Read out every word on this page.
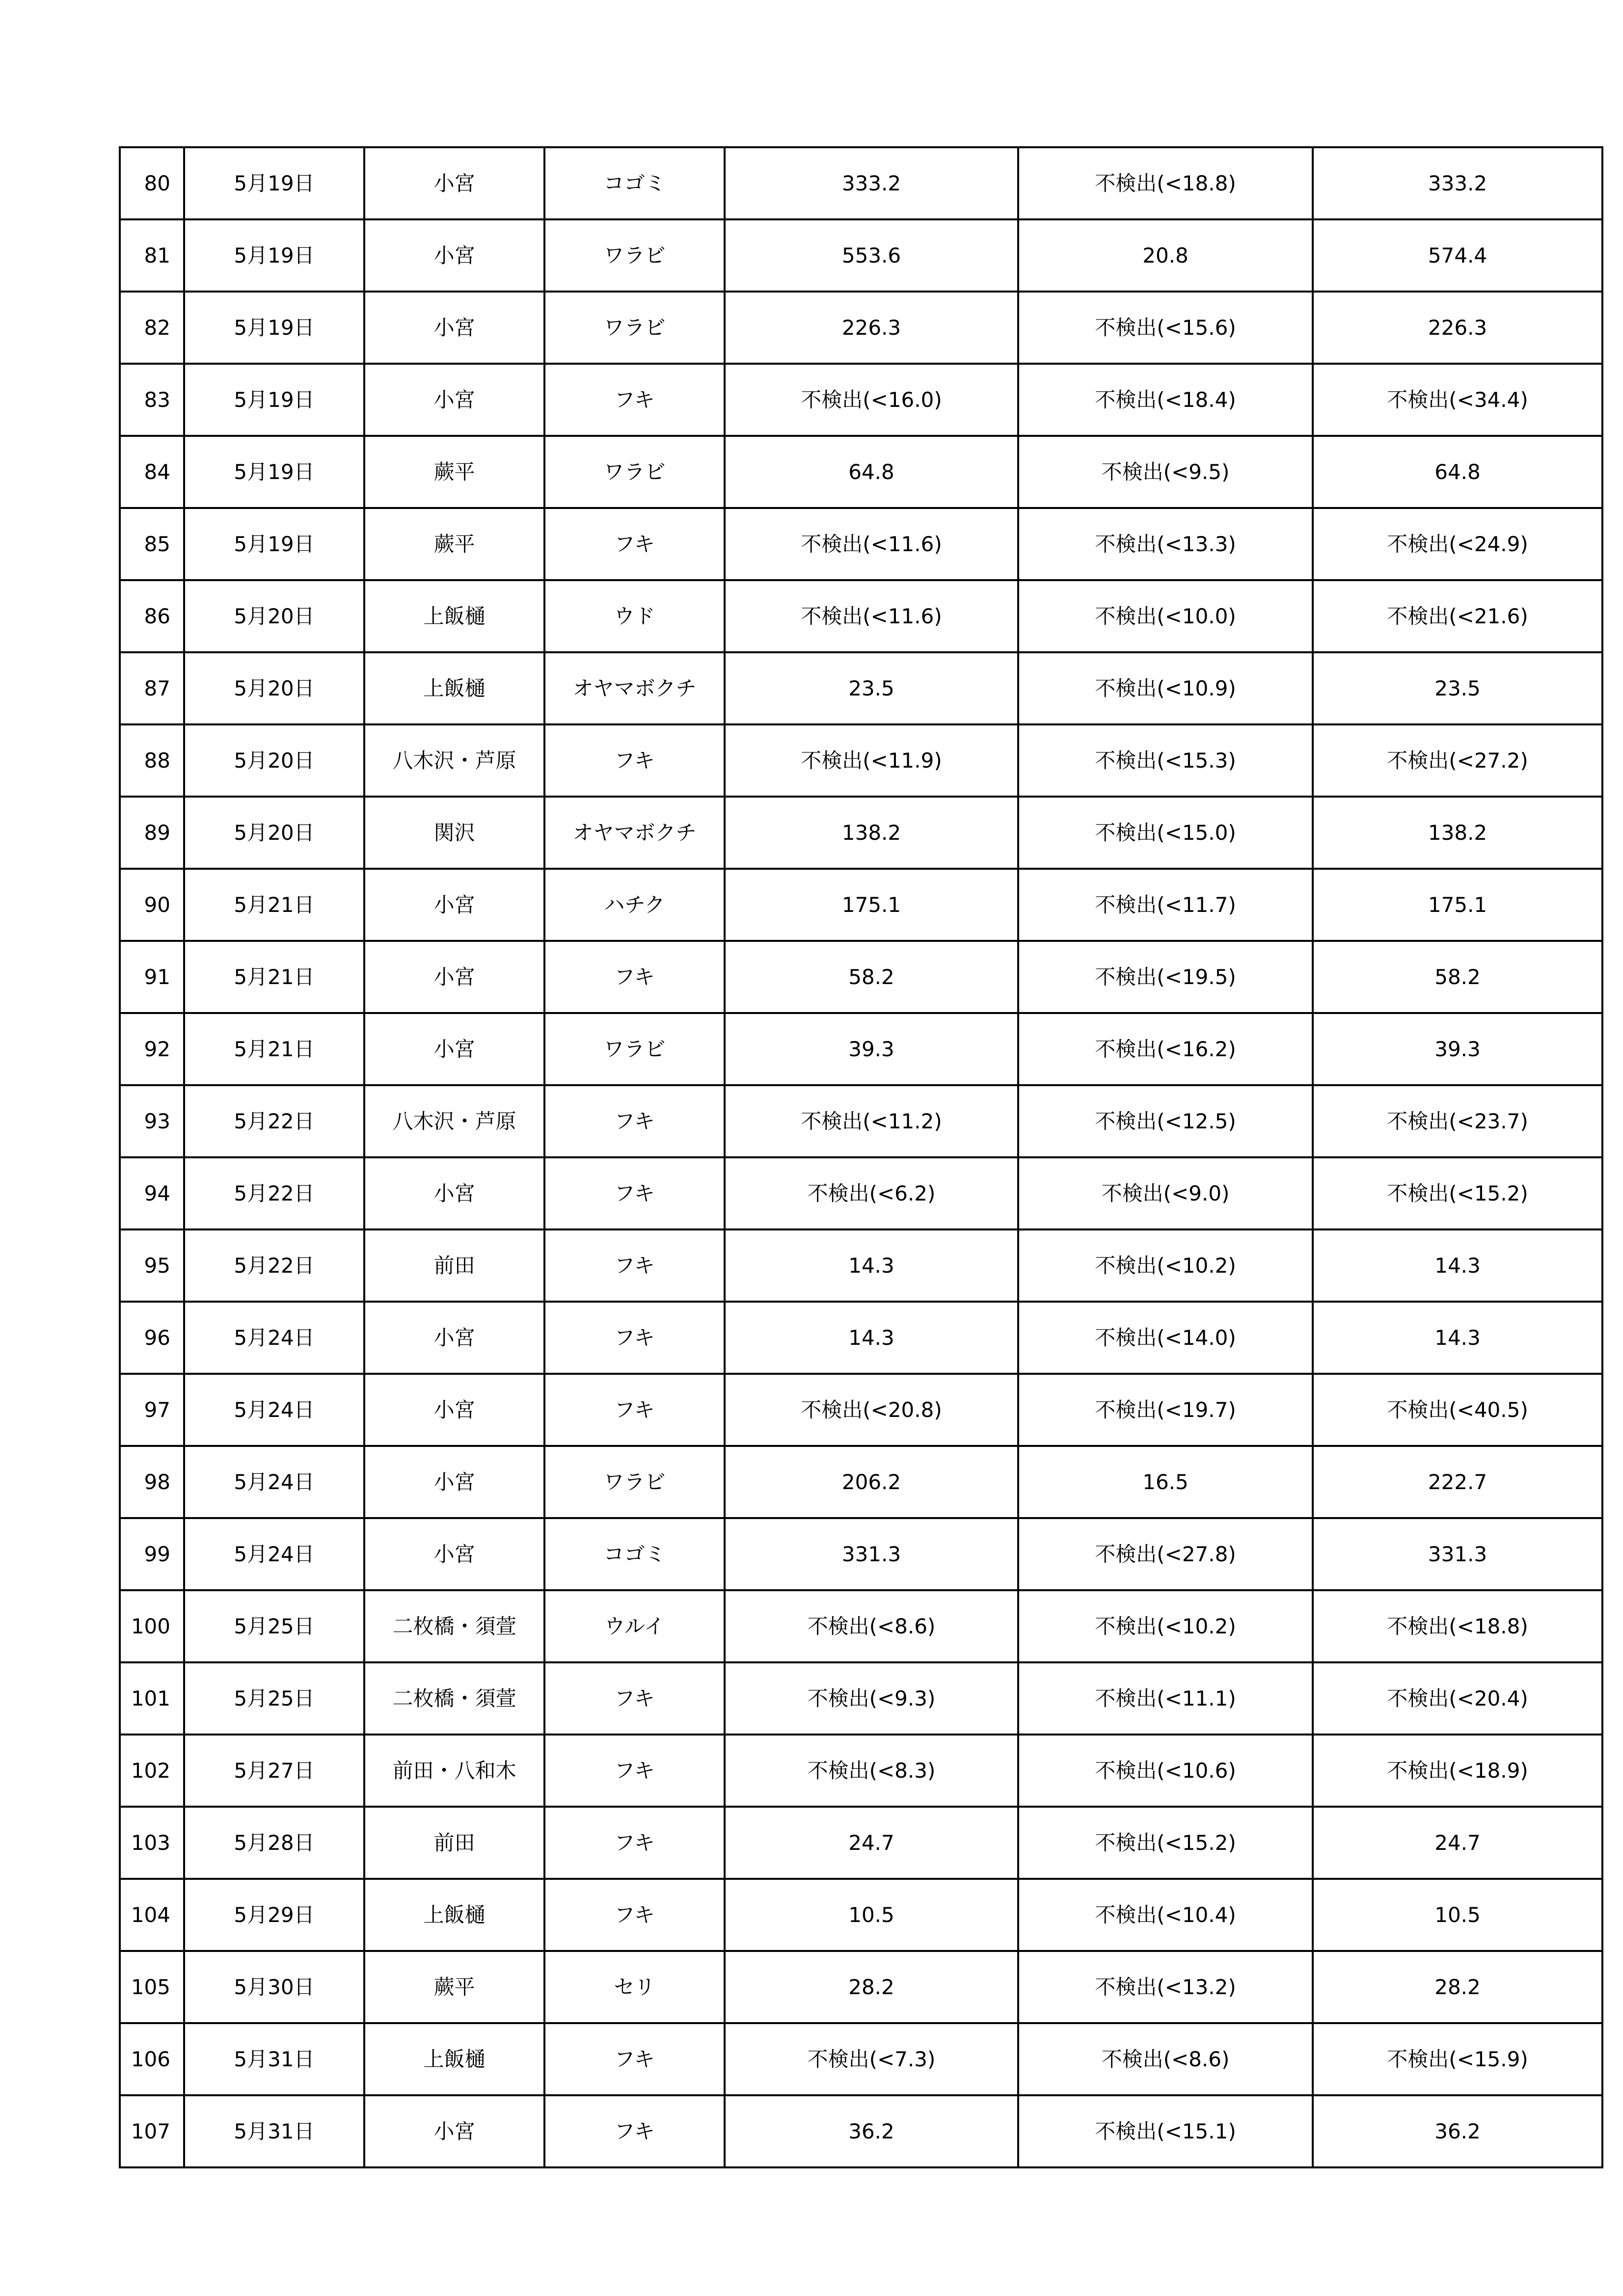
80	5月19日	小宮	コゴミ	333.2	不検出(<18.8)	333.2
81	5月19日	小宮	ワラビ	553.6	20.8	574.4
82	5月19日	小宮	ワラビ	226.3	不検出(<15.6)	226.3
83	5月19日	小宮	フキ	不検出(<16.0)	不検出(<18.4)	不検出(<34.4)
84	5月19日	蕨平	ワラビ	64.8	不検出(<9.5)	64.8
85	5月19日	蕨平	フキ	不検出(<11.6)	不検出(<13.3)	不検出(<24.9)
86	5月20日	上飯樋	ウド	不検出(<11.6)	不検出(<10.0)	不検出(<21.6)
87	5月20日	上飯樋	オヤマボクチ	23.5	不検出(<10.9)	23.5
88	5月20日	八木沢・芦原	フキ	不検出(<11.9)	不検出(<15.3)	不検出(<27.2)
89	5月20日	関沢	オヤマボクチ	138.2	不検出(<15.0)	138.2
90	5月21日	小宮	ハチク	175.1	不検出(<11.7)	175.1
91	5月21日	小宮	フキ	58.2	不検出(<19.5)	58.2
92	5月21日	小宮	ワラビ	39.3	不検出(<16.2)	39.3
93	5月22日	八木沢・芦原	フキ	不検出(<11.2)	不検出(<12.5)	不検出(<23.7)
94	5月22日	小宮	フキ	不検出(<6.2)	不検出(<9.0)	不検出(<15.2)
95	5月22日	前田	フキ	14.3	不検出(<10.2)	14.3
96	5月24日	小宮	フキ	14.3	不検出(<14.0)	14.3
97	5月24日	小宮	フキ	不検出(<20.8)	不検出(<19.7)	不検出(<40.5)
98	5月24日	小宮	ワラビ	206.2	16.5	222.7
99	5月24日	小宮	コゴミ	331.3	不検出(<27.8)	331.3
100	5月25日	二枚橋・須萱	ウルイ	不検出(<8.6)	不検出(<10.2)	不検出(<18.8)
101	5月25日	二枚橋・須萱	フキ	不検出(<9.3)	不検出(<11.1)	不検出(<20.4)
102	5月27日	前田・八和木	フキ	不検出(<8.3)	不検出(<10.6)	不検出(<18.9)
103	5月28日	前田	フキ	24.7	不検出(<15.2)	24.7
104	5月29日	上飯樋	フキ	10.5	不検出(<10.4)	10.5
105	5月30日	蕨平	セリ	28.2	不検出(<13.2)	28.2
106	5月31日	上飯樋	フキ	不検出(<7.3)	不検出(<8.6)	不検出(<15.9)
107	5月31日	小宮	フキ	36.2	不検出(<15.1)	36.2
